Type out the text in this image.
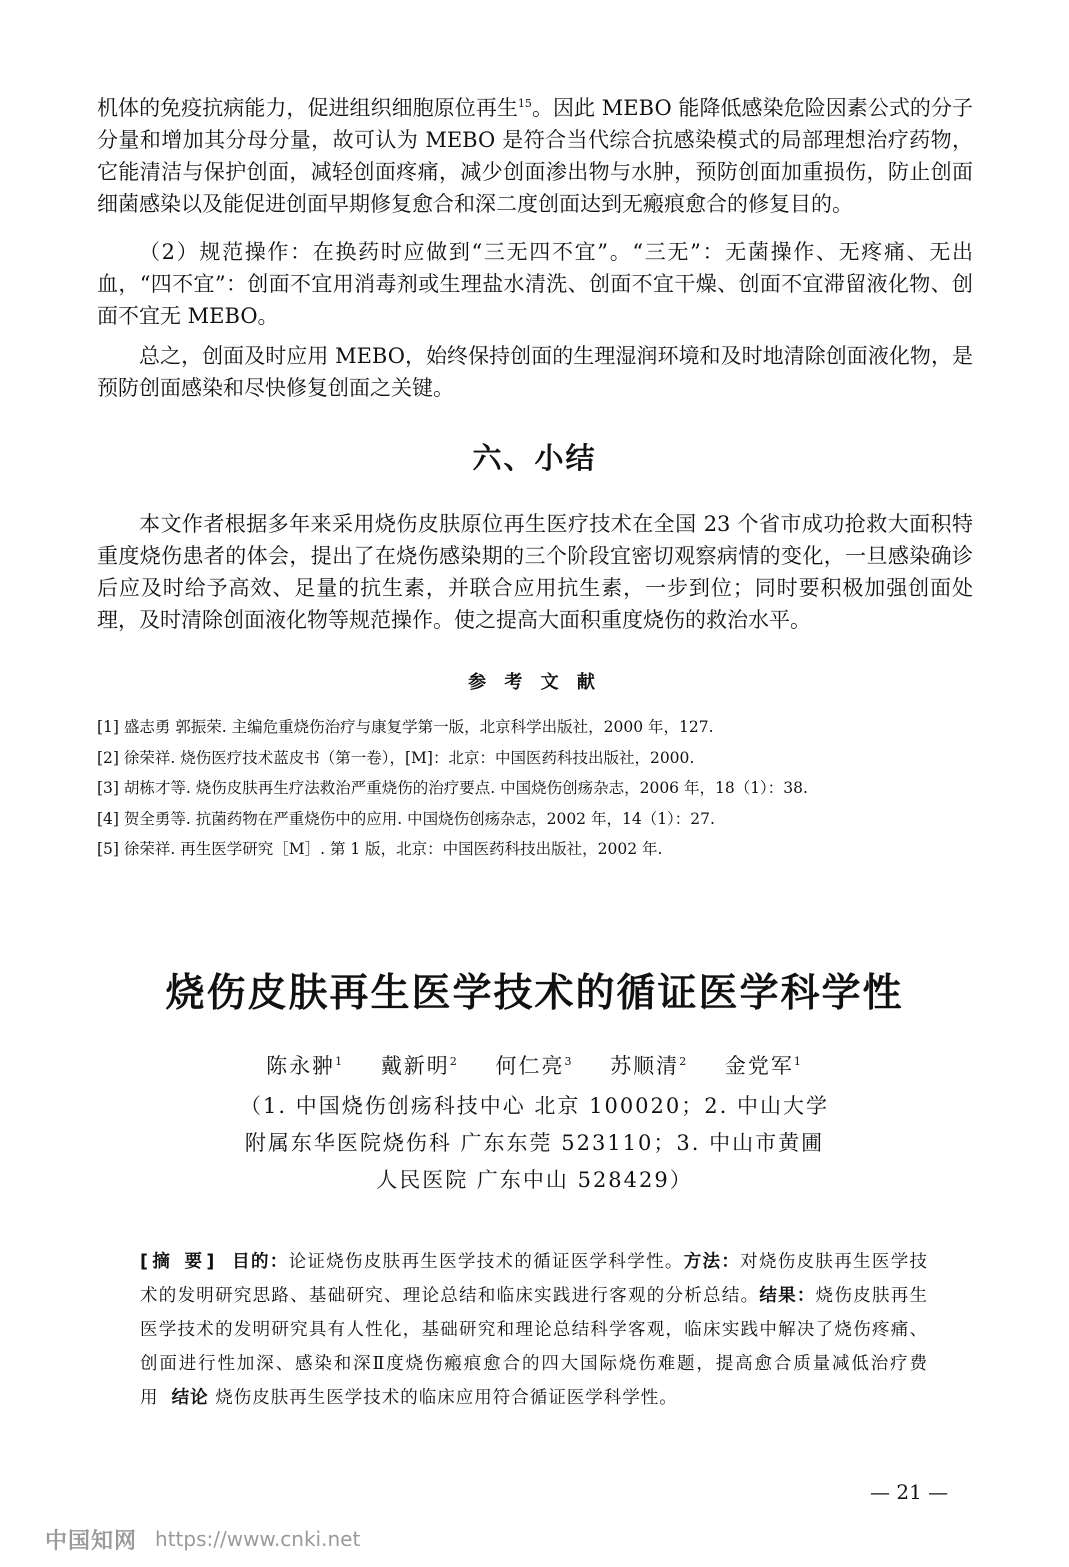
机体的免疫抗病能力，促进组织细胞原位再生$^{15}$。因此 MEBO 能降低感染危险因素公式的分子分量和增加其分母分量，故可认为 MEBO 是符合当代综合抗感染模式的局部理想治疗药物，它能清洁与保护创面，减轻创面疼痛，减少创面渗出物与水肿，预防创面加重损伤，防止创面细菌感染以及能促进创面早期修复愈合和深二度创面达到无瘢痕愈合的修复目的。

（2）规范操作：在换药时应做到“三无四不宜”。“三无”：无菌操作、无疼痛、无出血，“四不宜”：创面不宜用消毒剂或生理盐水清洗、创面不宜干燥、创面不宜滞留液化物、创面不宜无 MEBO。

总之，创面及时应用 MEBO，始终保持创面的生理湿润环境和及时地清除创面液化物，是预防创面感染和尽快修复创面之关键。

六、小结

本文作者根据多年来采用烧伤皮肤原位再生医疗技术在全国 23 个省市成功抢救大面积特重度烧伤患者的体会，提出了在烧伤感染期的三个阶段宜密切观察病情的变化，一旦感染确诊后应及时给予高效、足量的抗生素，并联合应用抗生素，一步到位；同时要积极加强创面处理，及时清除创面液化物等规范操作。使之提高大面积重度烧伤的救治水平。

参 考 文 献
[1] 盛志勇 郭振荣. 主编危重烧伤治疗与康复学第一版，北京科学出版社，2000 年，127.
[2] 徐荣祥. 烧伤医疗技术蓝皮书（第一卷），[M]：北京：中国医药科技出版社，2000.
[3] 胡栋才等. 烧伤皮肤再生疗法救治严重烧伤的治疗要点. 中国烧伤创疡杂志，2006 年，18（1）：38.
[4] 贺全勇等. 抗菌药物在严重烧伤中的应用. 中国烧伤创疡杂志，2002 年，14（1）：27.
[5] 徐荣祥. 再生医学研究［M］. 第 1 版，北京：中国医药科技出版社，2002 年.
烧伤皮肤再生医学技术的循证医学科学性
陈永翀$^1$ 戴新明$^2$ 何仁亮$^3$ 苏顺清$^2$ 金党军$^1$
（1. 中国烧伤创疡科技中心 北京 100020；2. 中山大学
附属东华医院烧伤科 广东东莞 523110；3. 中山市黄圃
人民医院 广东中山 528429）

[摘 要] 目的：论证烧伤皮肤再生医学技术的循证医学科学性。方法：对烧伤皮肤再生医学技术的发明研究思路、基础研究、理论总结和临床实践进行客观的分析总结。结果：烧伤皮肤再生医学技术的发明研究具有人性化，基础研究和理论总结科学客观，临床实践中解决了烧伤疼痛、创面进行性加深、感染和深Ⅱ度烧伤瘢痕愈合的四大国际烧伤难题，提高愈合质量减低治疗费用 结论 烧伤皮肤再生医学技术的临床应用符合循证医学科学性。

— 21 —
中国知网 https://www.cnki.net
